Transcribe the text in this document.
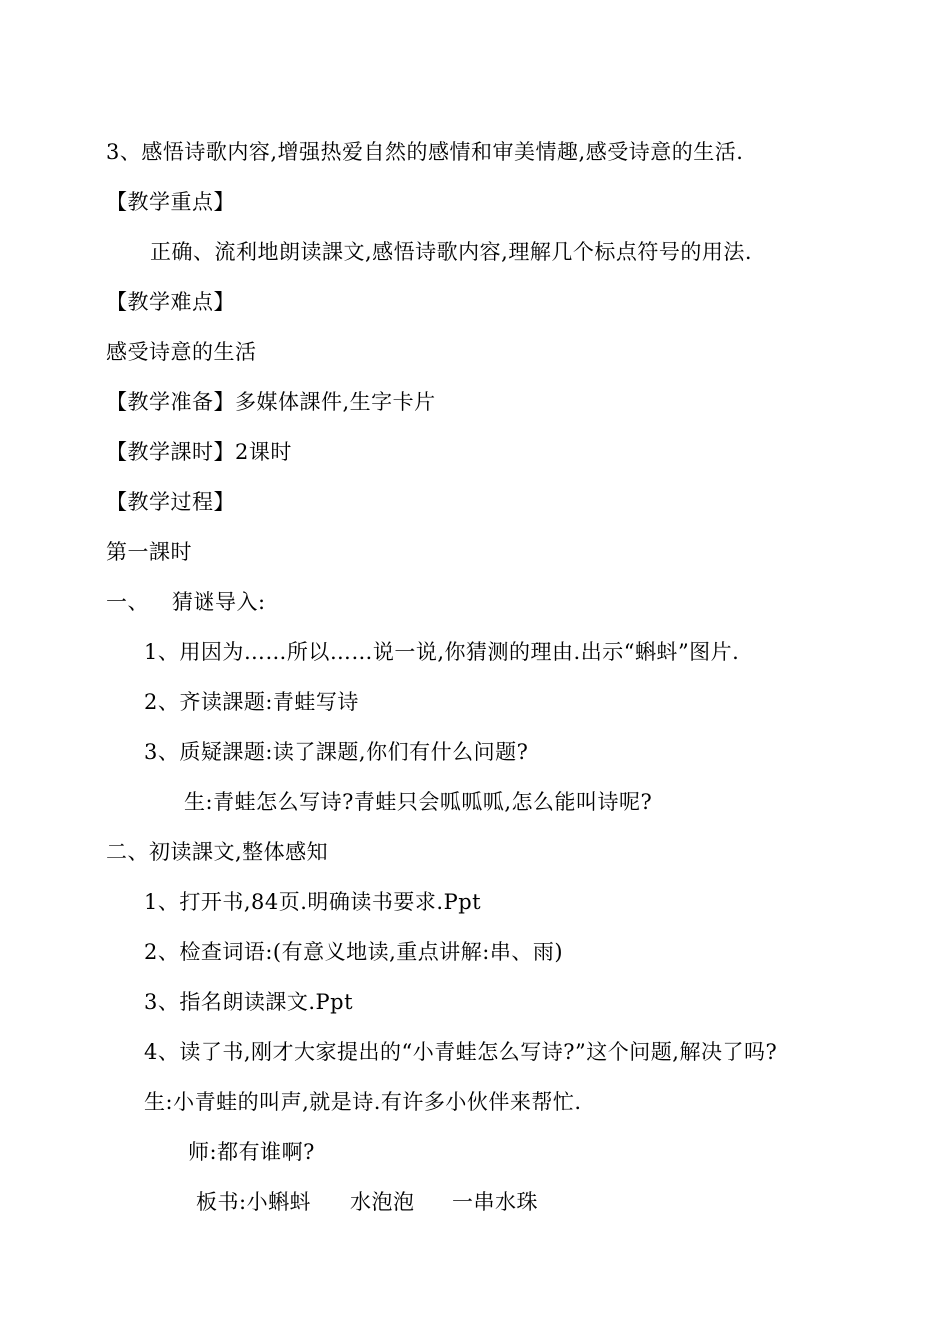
3、感悟诗歌内容,增强热爱自然的感情和审美情趣,感受诗意的生活.
【教学重点】
正确、流利地朗读課文,感悟诗歌内容,理解几个标点符号的用法.
【教学难点】
感受诗意的生活
【教学准备】多媒体課件,生字卡片
【教学課时】2课时
【教学过程】
第一課时
一、 猜谜导入:
1、用因为……所以……说一说,你猜测的理由.出示“蝌蚪”图片.
2、齐读課题:青蛙写诗
3、质疑課题:读了課题,你们有什么问题?
生:青蛙怎么写诗?青蛙只会呱呱呱,怎么能叫诗呢?
二、初读課文,整体感知
1、打开书,84页.明确读书要求.Ppt
2、检查词语:(有意义地读,重点讲解:串、雨)
3、指名朗读課文.Ppt
4、读了书,刚才大家提出的“小青蛙怎么写诗?”这个问题,解决了吗?
生:小青蛙的叫声,就是诗.有许多小伙伴来帮忙.
师:都有谁啊?
板书:小蝌蚪 水泡泡 一串水珠
